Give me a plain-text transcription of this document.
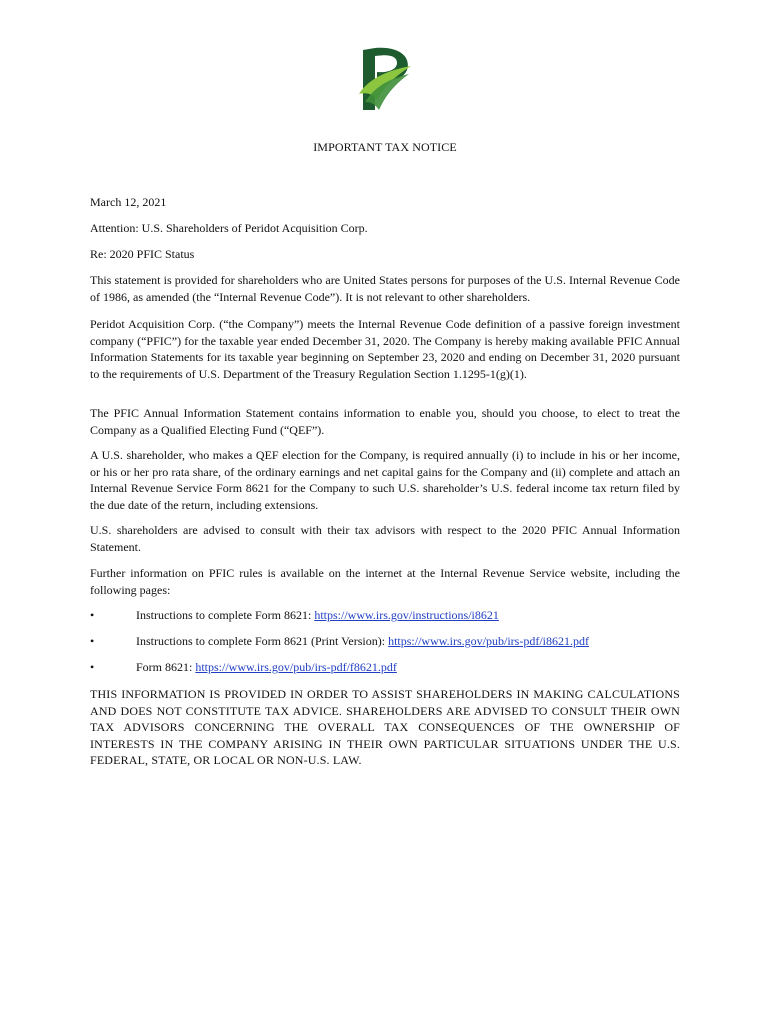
IMPORTANT TAX NOTICE
March 12, 2021
Attention: U.S. Shareholders of Peridot Acquisition Corp.
Re: 2020 PFIC Status
This statement is provided for shareholders who are United States persons for purposes of the U.S. Internal Revenue Code of 1986, as amended (the “Internal Revenue Code”). It is not relevant to other shareholders.
Peridot Acquisition Corp. (“the Company”) meets the Internal Revenue Code definition of a passive foreign investment company (“PFIC”) for the taxable year ended December 31, 2020. The Company is hereby making available PFIC Annual Information Statements for its taxable year beginning on September 23, 2020 and ending on December 31, 2020 pursuant to the requirements of U.S. Department of the Treasury Regulation Section 1.1295-1(g)(1).
The PFIC Annual Information Statement contains information to enable you, should you choose, to elect to treat the Company as a Qualified Electing Fund (“QEF”).
A U.S. shareholder, who makes a QEF election for the Company, is required annually (i) to include in his or her income, or his or her pro rata share, of the ordinary earnings and net capital gains for the Company and (ii) complete and attach an Internal Revenue Service Form 8621 for the Company to such U.S. shareholder’s U.S. federal income tax return filed by the due date of the return, including extensions.
U.S. shareholders are advised to consult with their tax advisors with respect to the 2020 PFIC Annual Information Statement.
Further information on PFIC rules is available on the internet at the Internal Revenue Service website, including the following pages:
•	Instructions to complete Form 8621: https://www.irs.gov/instructions/i8621
•	Instructions to complete Form 8621 (Print Version): https://www.irs.gov/pub/irs-pdf/i8621.pdf
•	Form 8621: https://www.irs.gov/pub/irs-pdf/f8621.pdf
THIS INFORMATION IS PROVIDED IN ORDER TO ASSIST SHAREHOLDERS IN MAKING CALCULATIONS AND DOES NOT CONSTITUTE TAX ADVICE. SHAREHOLDERS ARE ADVISED TO CONSULT THEIR OWN TAX ADVISORS CONCERNING THE OVERALL TAX CONSEQUENCES OF THE OWNERSHIP OF INTERESTS IN THE COMPANY ARISING IN THEIR OWN PARTICULAR SITUATIONS UNDER THE U.S. FEDERAL, STATE, OR LOCAL OR NON-U.S. LAW.
